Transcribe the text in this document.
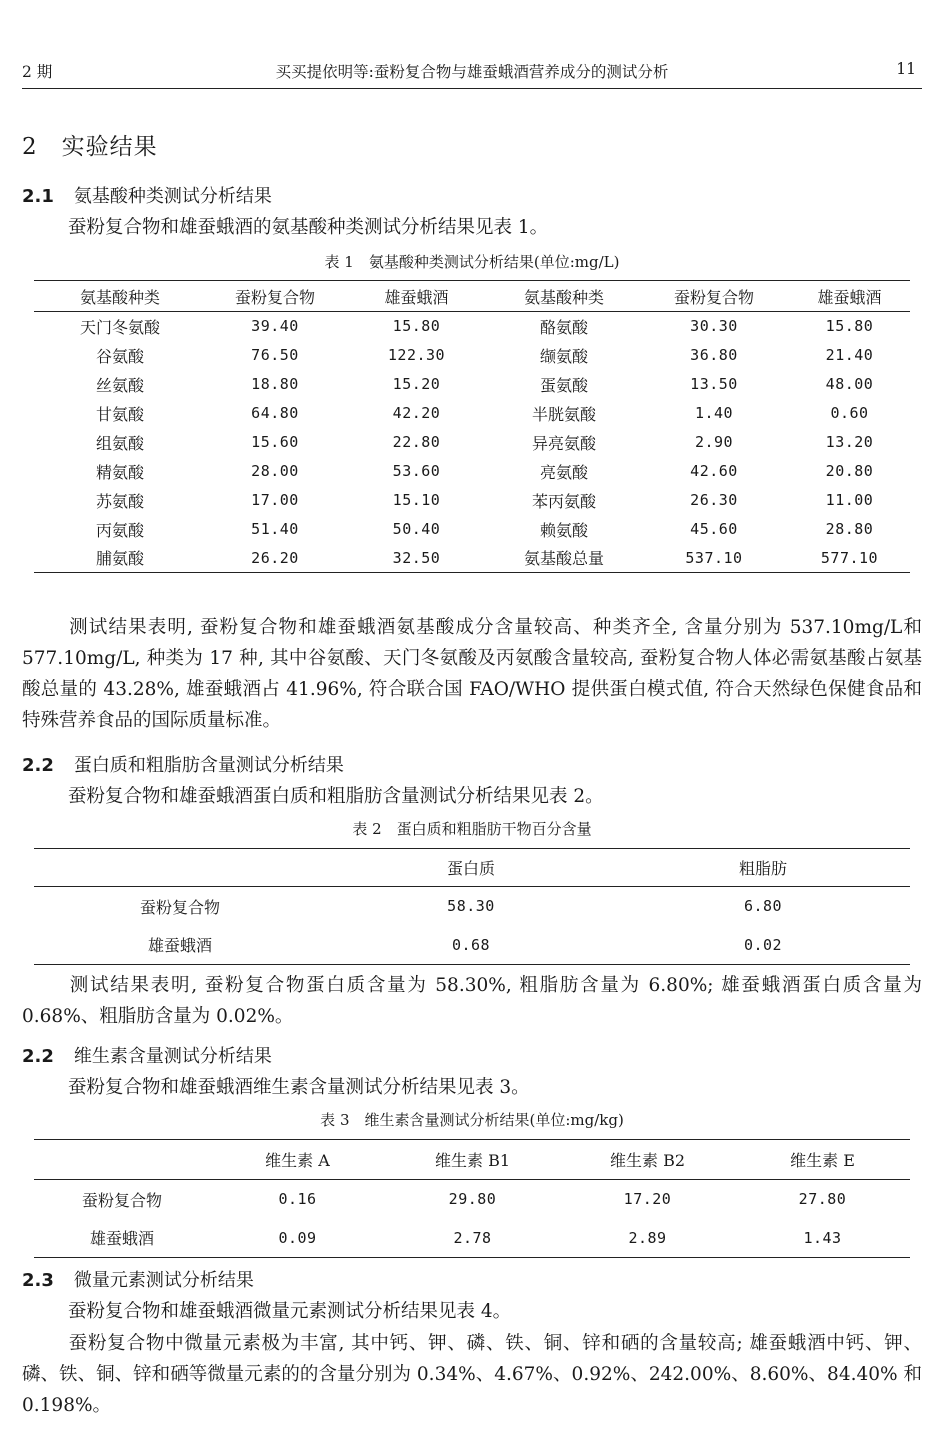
2 期	买买提依明等:蚕粉复合物与雄蚕蛾酒营养成分的测试分析	11
2　实验结果
2.1 氨基酸种类测试分析结果
蚕粉复合物和雄蚕蛾酒的氨基酸种类测试分析结果见表 1。
表 1　氨基酸种类测试分析结果(单位:mg/L)
氨基酸种类	蚕粉复合物	雄蚕蛾酒	氨基酸种类	蚕粉复合物	雄蚕蛾酒
天门冬氨酸	39.40	15.80	酪氨酸	30.30	15.80
谷氨酸	76.50	122.30	缬氨酸	36.80	21.40
丝氨酸	18.80	15.20	蛋氨酸	13.50	48.00
甘氨酸	64.80	42.20	半胱氨酸	1.40	0.60
组氨酸	15.60	22.80	异亮氨酸	2.90	13.20
精氨酸	28.00	53.60	亮氨酸	42.60	20.80
苏氨酸	17.00	15.10	苯丙氨酸	26.30	11.00
丙氨酸	51.40	50.40	赖氨酸	45.60	28.80
脯氨酸	26.20	32.50	氨基酸总量	537.10	577.10
测试结果表明, 蚕粉复合物和雄蚕蛾酒氨基酸成分含量较高、种类齐全, 含量分别为 537.10mg/L和 577.10mg/L, 种类为 17 种, 其中谷氨酸、天门冬氨酸及丙氨酸含量较高, 蚕粉复合物人体必需氨基酸占氨基酸总量的 43.28%, 雄蚕蛾酒占 41.96%, 符合联合国 FAO/WHO 提供蛋白模式值, 符合天然绿色保健食品和特殊营养食品的国际质量标准。
2.2 蛋白质和粗脂肪含量测试分析结果
蚕粉复合物和雄蚕蛾酒蛋白质和粗脂肪含量测试分析结果见表 2。
表 2　蛋白质和粗脂肪干物百分含量
	蛋白质	粗脂肪
蚕粉复合物	58.30	6.80
雄蚕蛾酒	0.68	0.02
测试结果表明, 蚕粉复合物蛋白质含量为 58.30%, 粗脂肪含量为 6.80%; 雄蚕蛾酒蛋白质含量为 0.68%、粗脂肪含量为 0.02%。
2.2 维生素含量测试分析结果
蚕粉复合物和雄蚕蛾酒维生素含量测试分析结果见表 3。
表 3　维生素含量测试分析结果(单位:mg/kg)
	维生素 A	维生素 B1	维生素 B2	维生素 E
蚕粉复合物	0.16	29.80	17.20	27.80
雄蚕蛾酒	0.09	2.78	2.89	1.43
2.3 微量元素测试分析结果
蚕粉复合物和雄蚕蛾酒微量元素测试分析结果见表 4。
蚕粉复合物中微量元素极为丰富, 其中钙、钾、磷、铁、铜、锌和硒的含量较高; 雄蚕蛾酒中钙、钾、磷、铁、铜、锌和硒等微量元素的的含量分别为 0.34%、4.67%、0.92%、242.00%、8.60%、84.40% 和 0.198%。
